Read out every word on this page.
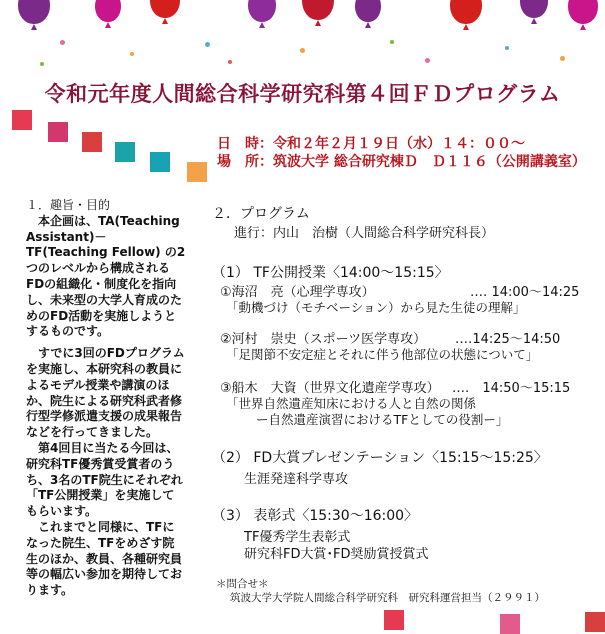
令和元年度人間総合科学研究科第４回ＦＤプログラム
日　時：令和２年２月１９日（水）１４：００～
場　所：筑波大学 総合研究棟Ｄ　Ｄ１１６（公開講義室）

１．趣旨・目的

本企画は、TA(Teaching Assistant)－TF(Teaching Fellow) の2つのレベルから構成されるFDの組織化・制度化を指向し、未来型の大学人育成のためのFD活動を実施しようとするものです。

すでに3回のFDプログラムを実施し、本研究科の教員によるモデル授業や講演のほか、院生による研究科武者修行型学修派遣支援の成果報告などを行ってきました。

第4回目に当たる今回は、研究科TF優秀賞受賞者のうち、3名のTF院生にそれぞれ「TF公開授業」を実施してもらいます。

これまでと同様に、TFになった院生、TFをめざす院生のほか、教員、各種研究員等の幅広い参加を期待しております。

２．プログラム
進行：内山　治樹（人間総合科学研究科長）
（1） TF公開授業〈14:00～15:15〉
①海沼　亮（心理学専攻）	‥‥ 14:00～14:25
「動機づけ（モチベーション）から見た生徒の理解」
②河村　崇史（スポーツ医学専攻） ‥‥14:25～14:50
「足関節不安定症とそれに伴う他部位の状態について」
③船木　大資（世界文化遺産学専攻） ‥‥　14:50～15:15
「世界自然遺産知床における人と自然の関係
ー自然遺産演習におけるTFとしての役割ー」
（2） FD大賞プレゼンテーション〈15:15～15:25〉
生涯発達科学専攻
（3） 表彰式〈15:30～16:00〉
TF優秀学生表彰式
研究科FD大賞･FD奨励賞授賞式
＊問合せ＊
筑波大学大学院人間総合科学研究科　研究科運営担当（２９９１）
